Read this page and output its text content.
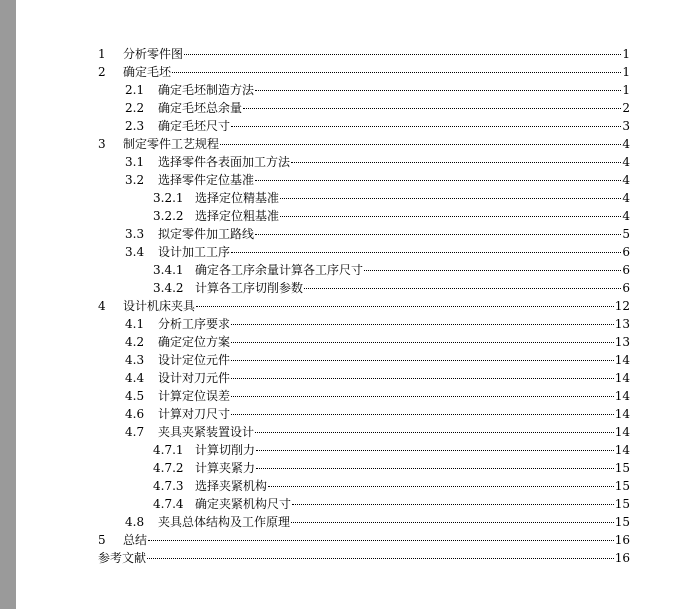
1	分析零件图	1
2	确定毛坯	1
2.1	确定毛坯制造方法	1
2.2	确定毛坯总余量	2
2.3	确定毛坯尺寸	3
3	制定零件工艺规程	4
3.1	选择零件各表面加工方法	4
3.2	选择零件定位基准	4
3.2.1 选择定位精基准	4
3.2.2 选择定位粗基准	4
3.3	拟定零件加工路线	5
3.4	设计加工工序	6
3.4.1 确定各工序余量计算各工序尺寸	6
3.4.2 计算各工序切削参数	6
4	设计机床夹具	12
4.1	分析工序要求	13
4.2	确定定位方案	13
4.3	设计定位元件	14
4.4	设计对刀元件	14
4.5	计算定位误差	14
4.6	计算对刀尺寸	14
4.7	夹具夹紧装置设计	14
4.7.1 计算切削力	14
4.7.2 计算夹紧力	15
4.7.3 选择夹紧机构	15
4.7.4 确定夹紧机构尺寸	15
4.8	夹具总体结构及工作原理	15
5	总结	16
参考文献	16
